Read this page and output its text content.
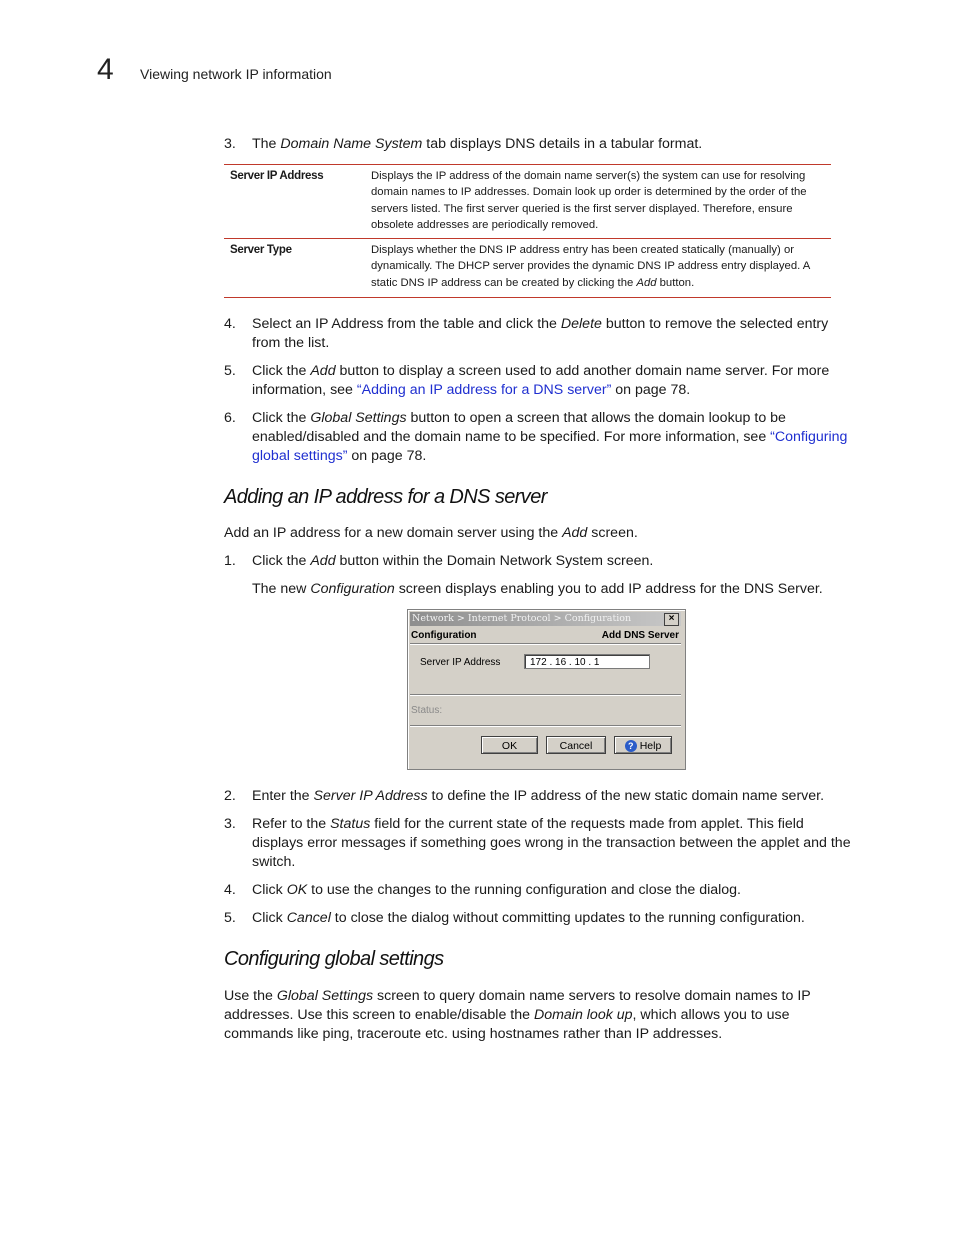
4 Viewing network IP information
3.	The Domain Name System tab displays DNS details in a tabular format.
Server IP Address	Displays the IP address of the domain name server(s) the system can use for resolving domain names to IP addresses. Domain look up order is determined by the order of the servers listed. The first server queried is the first server displayed. Therefore, ensure obsolete addresses are periodically removed.
Server Type	Displays whether the DNS IP address entry has been created statically (manually) or dynamically. The DHCP server provides the dynamic DNS IP address entry displayed. A static DNS IP address can be created by clicking the Add button.
4.	Select an IP Address from the table and click the Delete button to remove the selected entry from the list.
5.	Click the Add button to display a screen used to add another domain name server. For more information, see “Adding an IP address for a DNS server” on page 78.
6.	Click the Global Settings button to open a screen that allows the domain lookup to be enabled/disabled and the domain name to be specified. For more information, see “Configuring global settings” on page 78.
Adding an IP address for a DNS server
Add an IP address for a new domain server using the Add screen.
1.	Click the Add button within the Domain Network System screen.
The new Configuration screen displays enabling you to add IP address for the DNS Server.
Network > Internet Protocol > Configuration	×
Configuration	Add DNS Server
Server IP Address	172 . 16 . 10 . 1
Status:
OK	Cancel	? Help
2.	Enter the Server IP Address to define the IP address of the new static domain name server.
3.	Refer to the Status field for the current state of the requests made from applet. This field displays error messages if something goes wrong in the transaction between the applet and the switch.
4.	Click OK to use the changes to the running configuration and close the dialog.
5.	Click Cancel to close the dialog without committing updates to the running configuration.
Configuring global settings
Use the Global Settings screen to query domain name servers to resolve domain names to IP addresses. Use this screen to enable/disable the Domain look up, which allows you to use commands like ping, traceroute etc. using hostnames rather than IP addresses.
